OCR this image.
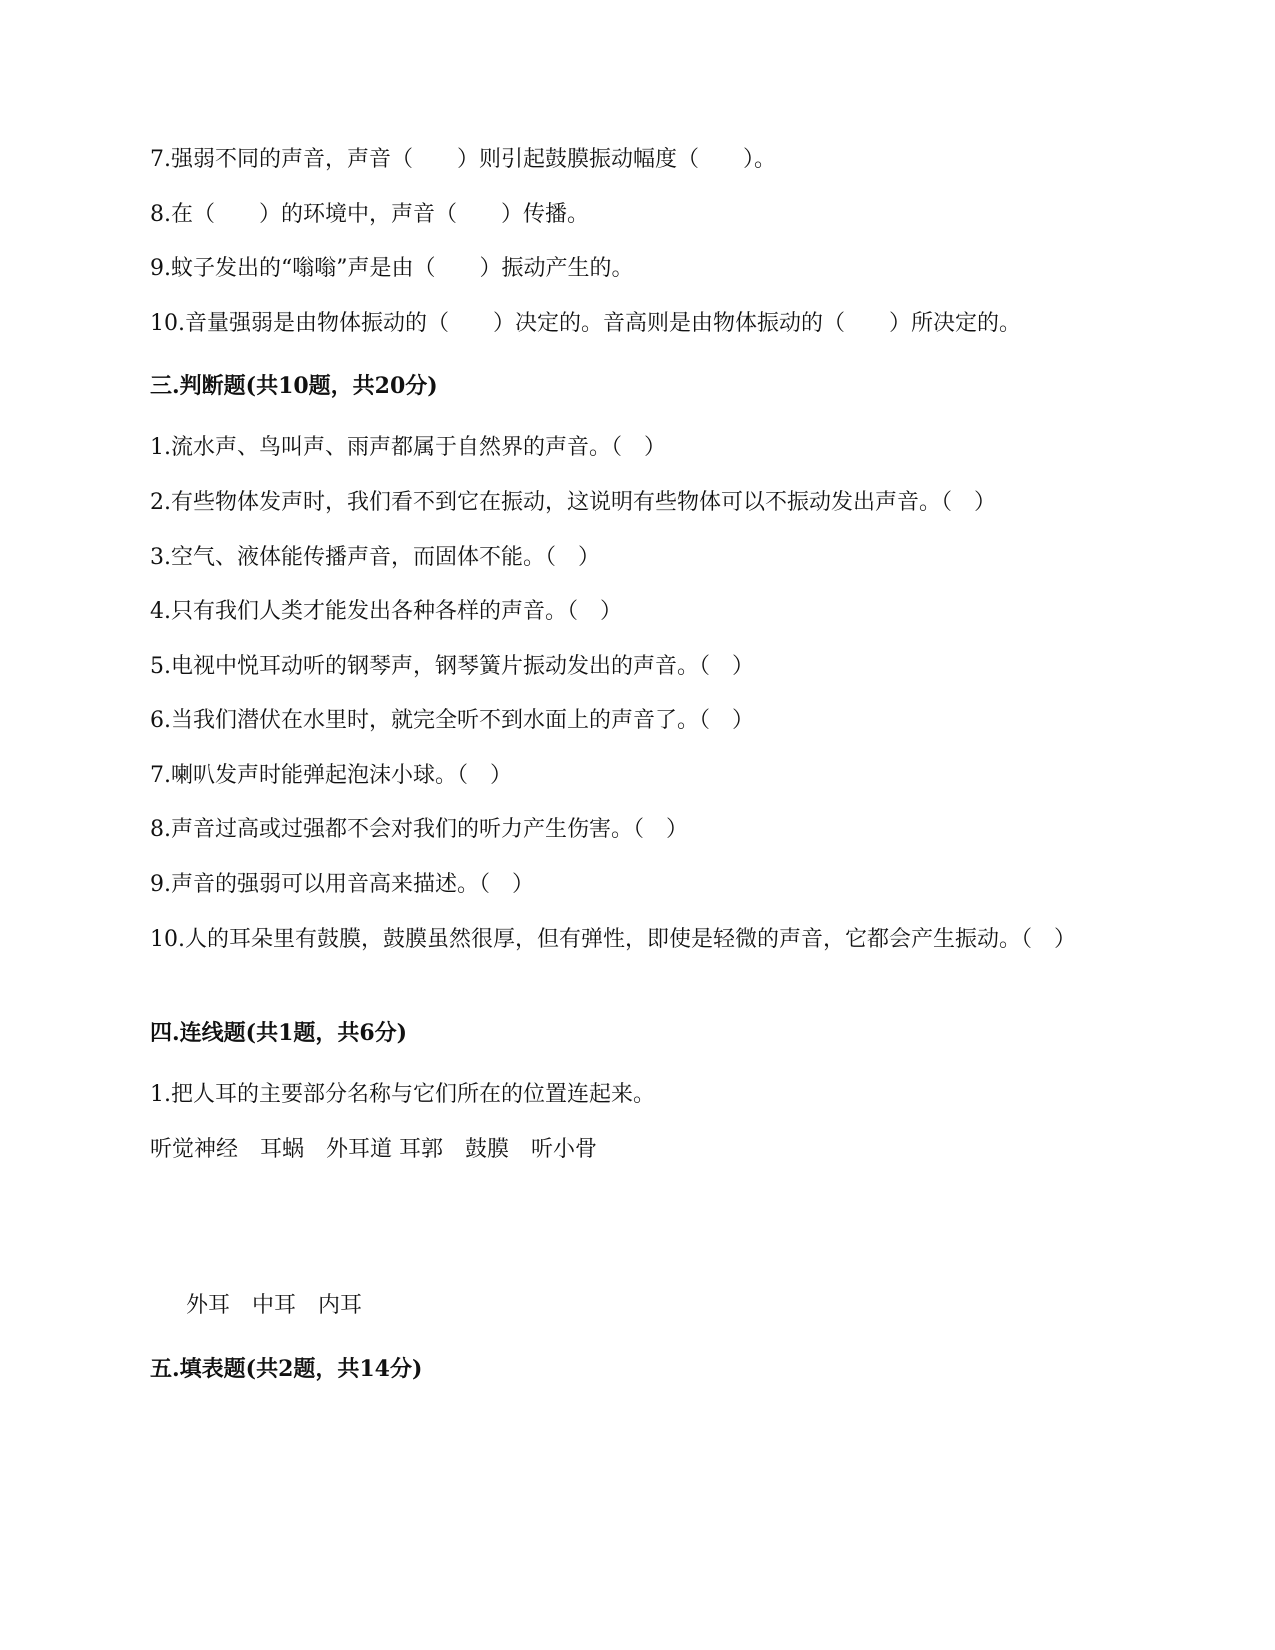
7.强弱不同的声音，声音（　　）则引起鼓膜振动幅度（　　）。
8.在（　　）的环境中，声音（　　）传播。
9.蚊子发出的“嗡嗡”声是由（　　）振动产生的。
10.音量强弱是由物体振动的（　　）决定的。音高则是由物体振动的（　　）所决定的。
三.判断题(共10题，共20分)
1.流水声、鸟叫声、雨声都属于自然界的声音。（　）
2.有些物体发声时，我们看不到它在振动，这说明有些物体可以不振动发出声音。（　）
3.空气、液体能传播声音，而固体不能。（　）
4.只有我们人类才能发出各种各样的声音。（　）
5.电视中悦耳动听的钢琴声，钢琴簧片振动发出的声音。（　）
6.当我们潜伏在水里时，就完全听不到水面上的声音了。（　）
7.喇叭发声时能弹起泡沫小球。（　）
8.声音过高或过强都不会对我们的听力产生伤害。（　）
9.声音的强弱可以用音高来描述。（　）
10.人的耳朵里有鼓膜，鼓膜虽然很厚，但有弹性，即使是轻微的声音，它都会产生振动。（　）
四.连线题(共1题，共6分)
1.把人耳的主要部分名称与它们所在的位置连起来。
听觉神经　耳蜗　外耳道 耳郭　鼓膜　听小骨
外耳　中耳　内耳
五.填表题(共2题，共14分)
